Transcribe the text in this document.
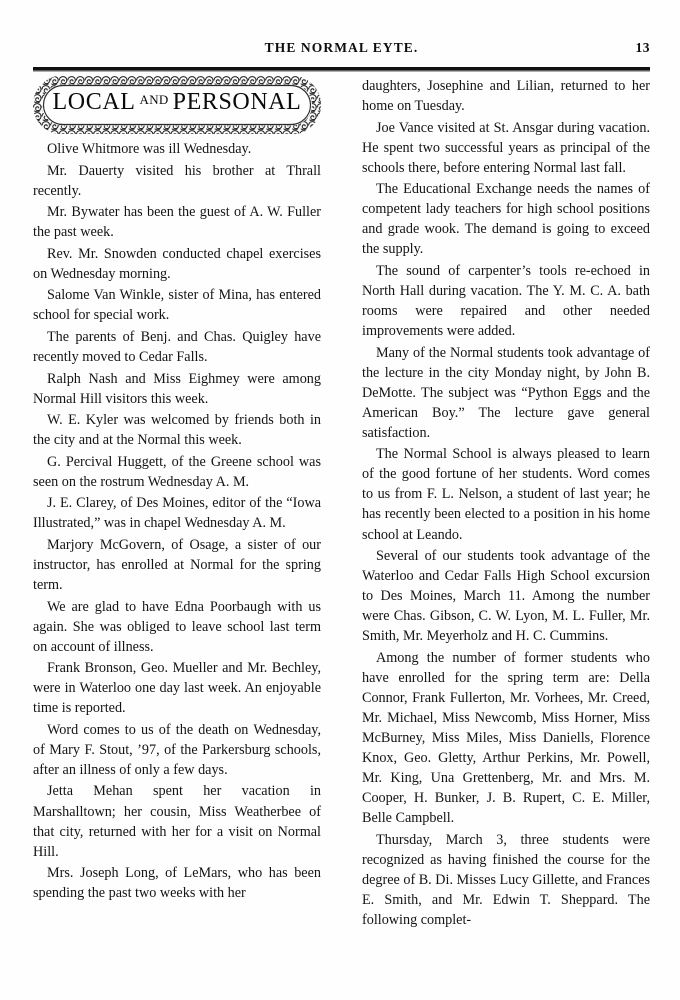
THE NORMAL EYTE.	13
LOCAL $^{AND}$ PERSONAL

Olive Whitmore was ill Wednesday.

Mr. Dauerty visited his brother at Thrall recently.

Mr. Bywater has been the guest of A. W. Fuller the past week.

Rev. Mr. Snowden conducted chapel exercises on Wednesday morning.

Salome Van Winkle, sister of Mina, has entered school for special work.

The parents of Benj. and Chas. Quigley have recently moved to Cedar Falls.

Ralph Nash and Miss Eighmey were among Normal Hill visitors this week.

W. E. Kyler was welcomed by friends both in the city and at the Normal this week.

G. Percival Huggett, of the Greene school was seen on the rostrum Wednesday A. M.

J. E. Clarey, of Des Moines, editor of the “Iowa Illustrated,” was in chapel Wednesday A. M.

Marjory McGovern, of Osage, a sister of our instructor, has enrolled at Normal for the spring term.

We are glad to have Edna Poorbaugh with us again. She was obliged to leave school last term on account of illness.

Frank Bronson, Geo. Mueller and Mr. Bechley, were in Waterloo one day last week. An enjoyable time is reported.

Word comes to us of the death on Wednesday, of Mary F. Stout, ’97, of the Parkersburg schools, after an illness of only a few days.

Jetta Mehan spent her vacation in Marshalltown; her cousin, Miss Weatherbee of that city, returned with her for a visit on Normal Hill.

Mrs. Joseph Long, of LeMars, who has been spending the past two weeks with her

daughters, Josephine and Lilian, returned to her home on Tuesday.

Joe Vance visited at St. Ansgar during vacation. He spent two successful years as principal of the schools there, before entering Normal last fall.

The Educational Exchange needs the names of competent lady teachers for high school positions and grade wook. The demand is going to exceed the supply.

The sound of carpenter’s tools re-echoed in North Hall during vacation. The Y. M. C. A. bath rooms were repaired and other needed improvements were added.

Many of the Normal students took advantage of the lecture in the city Monday night, by John B. DeMotte. The subject was “Python Eggs and the American Boy.” The lecture gave general satisfaction.

The Normal School is always pleased to learn of the good fortune of her students. Word comes to us from F. L. Nelson, a student of last year; he has recently been elected to a position in his home school at Leando.

Several of our students took advantage of the Waterloo and Cedar Falls High School excursion to Des Moines, March 11. Among the number were Chas. Gibson, C. W. Lyon, M. L. Fuller, Mr. Smith, Mr. Meyerholz and H. C. Cummins.

Among the number of former students who have enrolled for the spring term are: Della Connor, Frank Fullerton, Mr. Vorhees, Mr. Creed, Mr. Michael, Miss Newcomb, Miss Horner, Miss McBurney, Miss Miles, Miss Daniells, Florence Knox, Geo. Gletty, Arthur Perkins, Mr. Powell, Mr. King, Una Grettenberg, Mr. and Mrs. M. Cooper, H. Bunker, J. B. Rupert, C. E. Miller, Belle Campbell.

Thursday, March 3, three students were recognized as having finished the course for the degree of B. Di. Misses Lucy Gillette, and Frances E. Smith, and Mr. Edwin T. Sheppard. The following complet-
